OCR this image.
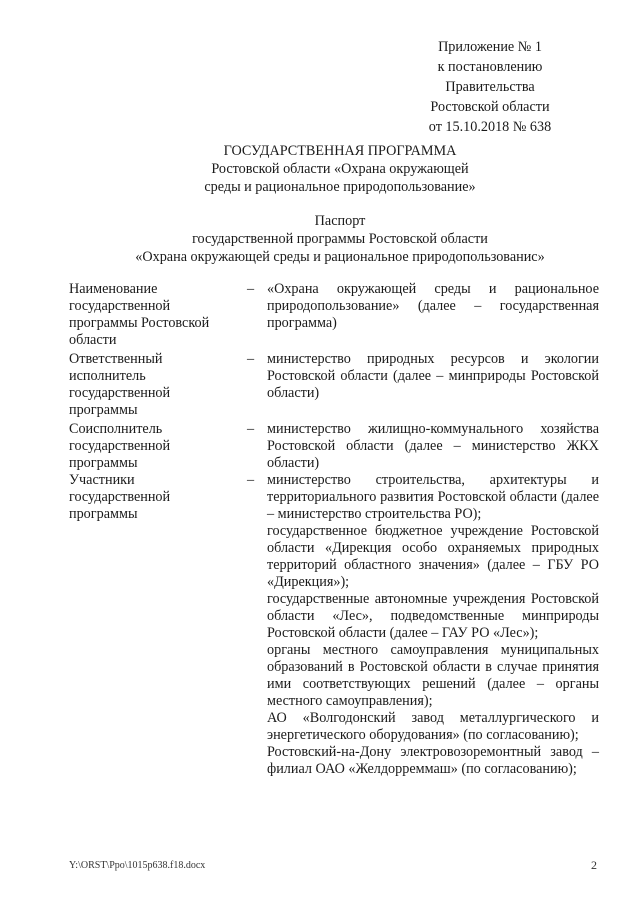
Приложение № 1
к постановлению
Правительства
Ростовской области
от 15.10.2018 № 638
ГОСУДАРСТВЕННАЯ ПРОГРАММА
Ростовской области «Охрана окружающей
среды и рациональное природопользование»
Паспорт
государственной программы Ростовской области
«Охрана окружающей среды и рациональное природопользованис»
Наименование
государственной
программы Ростовской
области
– «Охрана окружающей среды и рациональное природопользование» (далее – государственная программа)
Ответственный
исполнитель
государственной
программы
– министерство природных ресурсов и экологии Ростовской области (далее – минприроды Ростовской области)
Соисполнитель
государственной
программы
– министерство жилищно-коммунального хозяйства Ростовской области (далее – министерство ЖКХ области)
Участники
государственной
программы
– министерство строительства, архитектуры и территориального развития Ростовской области (далее – министерство строительства РО);
государственное бюджетное учреждение Ростовской области «Дирекция особо охраняемых природных территорий областного значения» (далее – ГБУ РО «Дирекция»);
государственные автономные учреждения Ростовской области «Лес», подведомственные минприроды Ростовской области (далее – ГАУ РО «Лес»);
органы местного самоуправления муниципальных образований в Ростовской области в случае принятия ими соответствующих решений (далее – органы местного самоуправления);
АО «Волгодонский завод металлургического и энергетического оборудования» (по согласованию);
Ростовский-на-Дону электровозоремонтный завод – филиал ОАО «Желдорреммаш» (по согласованию);
Y:\ORST\Ppo\1015p638.f18.docx	2
